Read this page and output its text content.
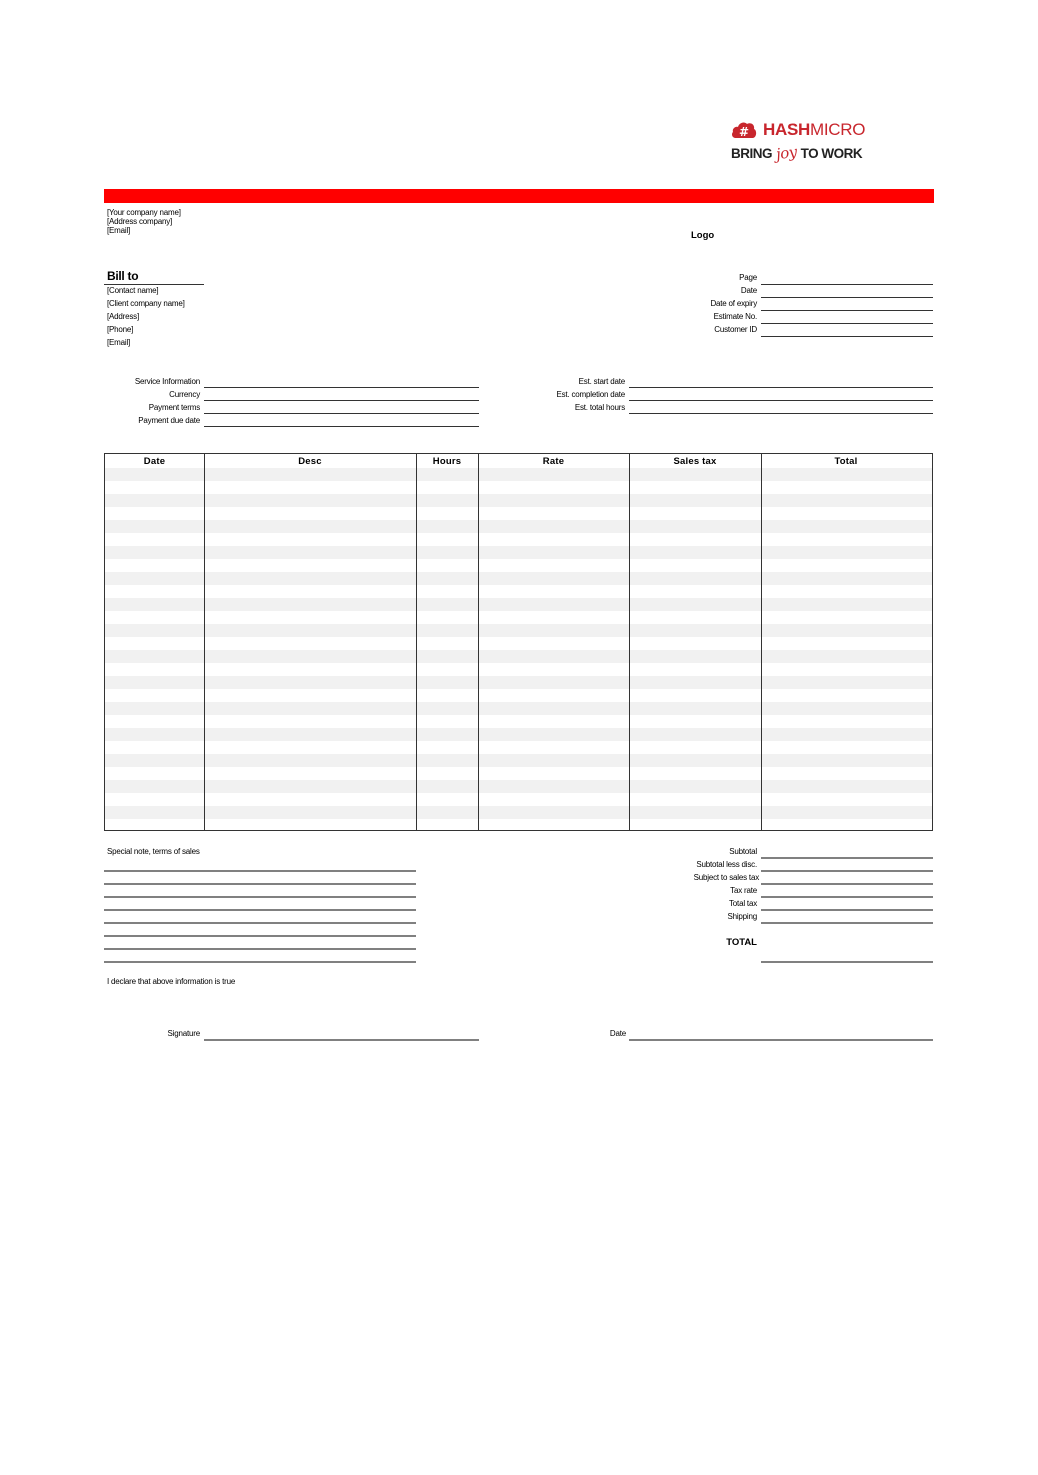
# HASHMICRO
BRING joy TO WORK
[Your company name]
[Address company]
[Email]	Logo
Bill to
[Contact name]
[Client company name]
[Address]
[Phone]
[Email]
Page
Date
Date of expiry
Estimate No.
Customer ID
Service Information
Currency
Payment terms
Payment due date
Est. start date
Est. completion date
Est. total hours
Date	Desc	Hours	Rate	Sales tax	Total
Special note, terms of sales	Subtotal
Subtotal less disc.
Subject to sales tax
Tax rate
Total tax
Shipping
TOTAL
I declare that above information is true
Signature	Date
